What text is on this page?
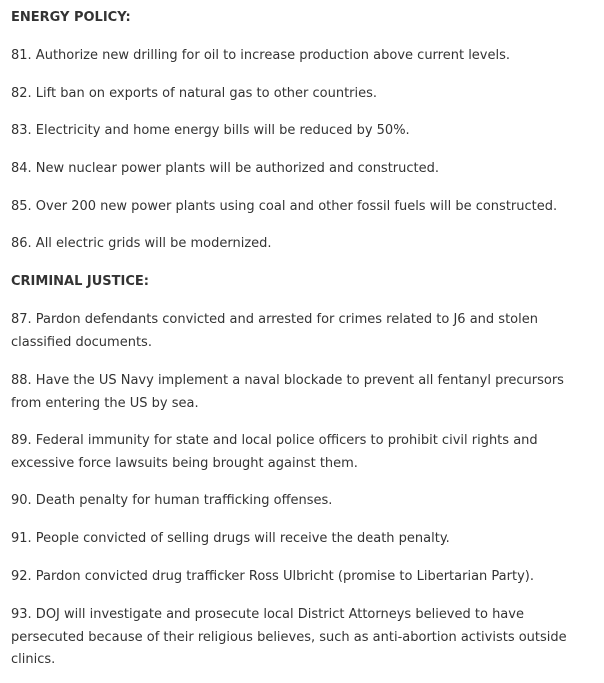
ENERGY POLICY:

81. Authorize new drilling for oil to increase production above current levels.

82. Lift ban on exports of natural gas to other countries.

83. Electricity and home energy bills will be reduced by 50%.

84. New nuclear power plants will be authorized and constructed.

85. Over 200 new power plants using coal and other fossil fuels will be constructed.

86. All electric grids will be modernized.

CRIMINAL JUSTICE:

87. Pardon defendants convicted and arrested for crimes related to J6 and stolen classified documents.

88. Have the US Navy implement a naval blockade to prevent all fentanyl precursors from entering the US by sea.

89. Federal immunity for state and local police officers to prohibit civil rights and excessive force lawsuits being brought against them.

90. Death penalty for human trafficking offenses.

91. People convicted of selling drugs will receive the death penalty.

92. Pardon convicted drug trafficker Ross Ulbricht (promise to Libertarian Party).

93. DOJ will investigate and prosecute local District Attorneys believed to have persecuted because of their religious believes, such as anti-abortion activists outside clinics.
